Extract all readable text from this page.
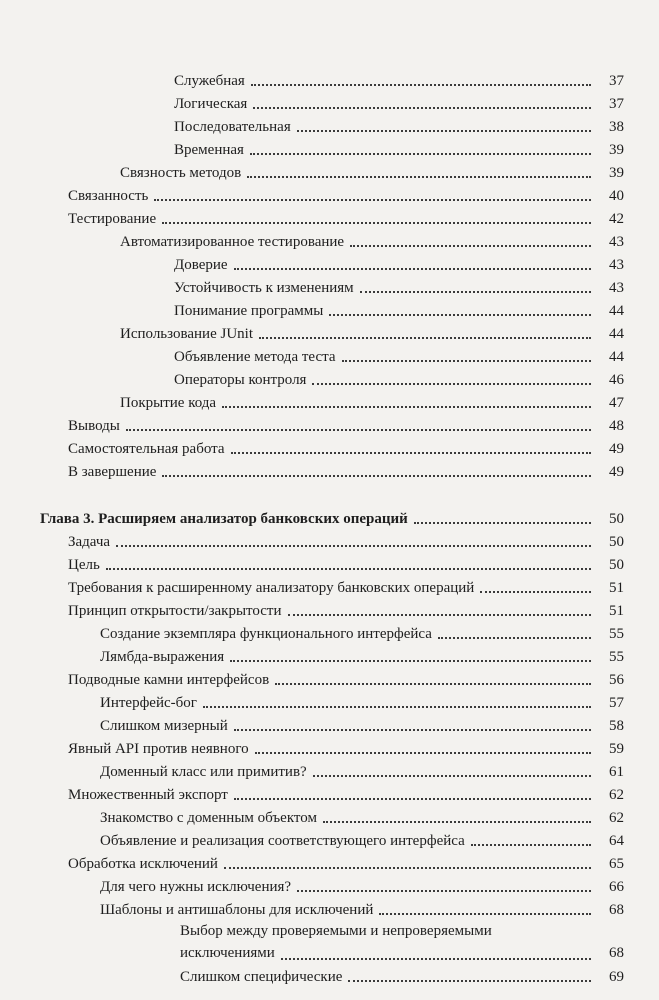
Служебная	37
Логическая	37
Последовательная	38
Временная	39
Связность методов	39
Связанность	40
Тестирование	42
Автоматизированное тестирование	43
Доверие	43
Устойчивость к изменениям	43
Понимание программы	44
Использование JUnit	44
Объявление метода теста	44
Операторы контроля	46
Покрытие кода	47
Выводы	48
Самостоятельная работа	49
В завершение	49
Глава 3. Расширяем анализатор банковских операций	50
Задача	50
Цель	50
Требования к расширенному анализатору банковских операций	51
Принцип открытости/закрытости	51
Создание экземпляра функционального интерфейса	55
Лямбда-выражения	55
Подводные камни интерфейсов	56
Интерфейс-бог	57
Слишком мизерный	58
Явный API против неявного	59
Доменный класс или примитив?	61
Множественный экспорт	62
Знакомство с доменным объектом	62
Объявление и реализация соответствующего интерфейса	64
Обработка исключений	65
Для чего нужны исключения?	66
Шаблоны и антишаблоны для исключений	68
Выбор между проверяемыми и непроверяемыми
исключениями	68
Слишком специфические	69
